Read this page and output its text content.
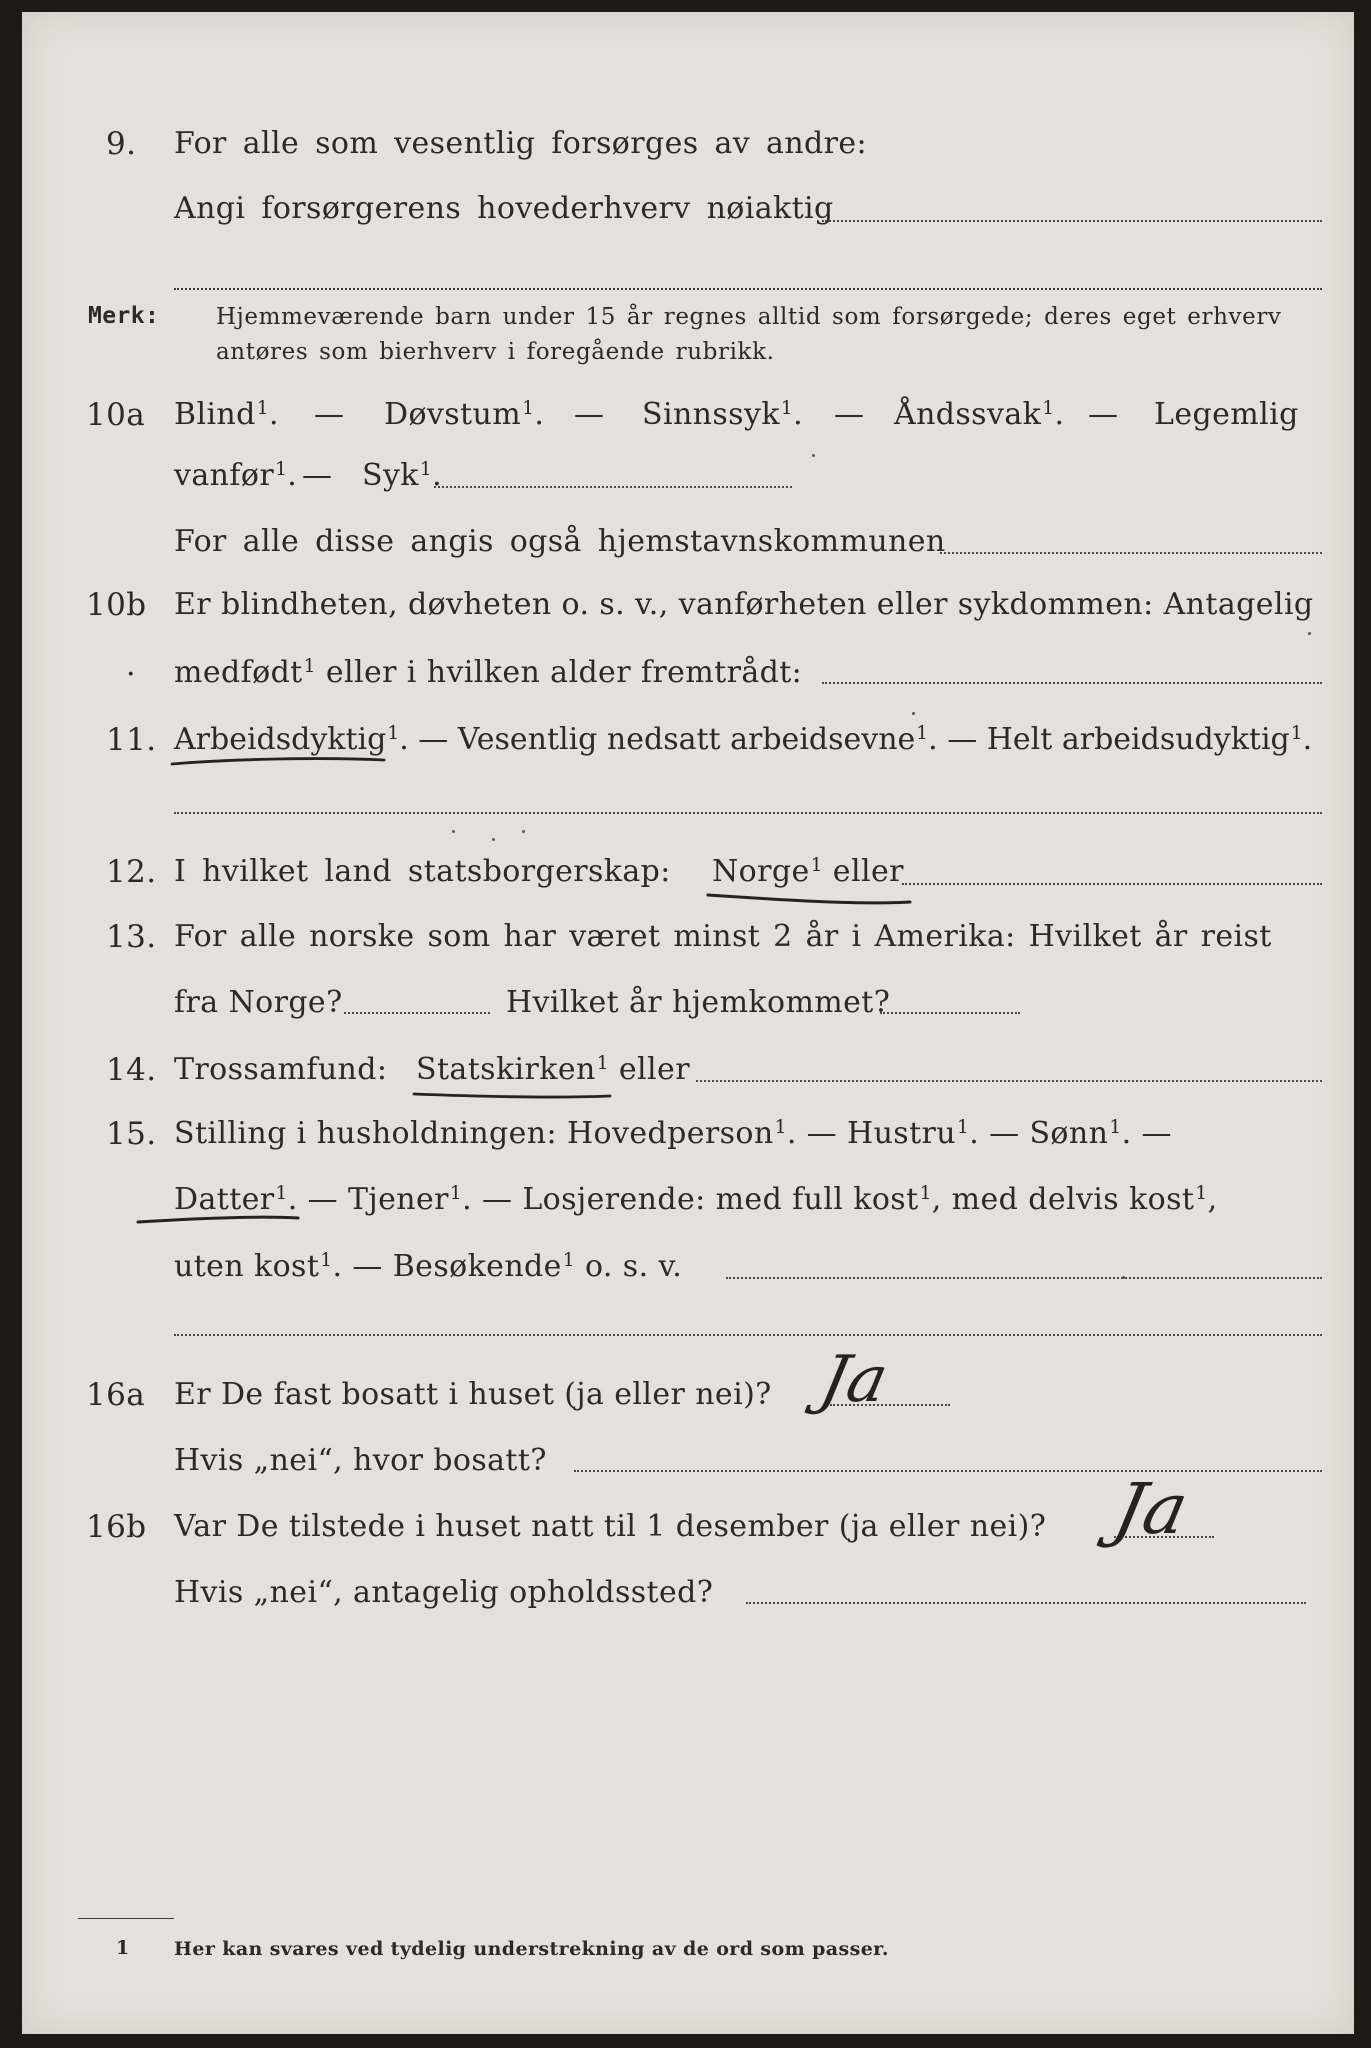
9. For alle som vesentlig forsørges av andre:
Angi forsørgerens hovederhverv nøiaktig
Merk: Hjemmeværende barn under 15 år regnes alltid som forsørgede; deres eget erhverv
antøres som bierhverv i foregående rubrikk.
10a Blind$^1$. — Døvstum$^1$. — Sinnssyk$^1$. — Åndssvak$^1$. — Legemlig
vanfør$^1$. — Syk$^1$.
For alle disse angis også hjemstavnskommunen
10b Er blindheten, døvheten o. s. v., vanførheten eller sykdommen: Antagelig
· medfødt$^1$ eller i hvilken alder fremtrådt:
11. Arbeidsdyktig$^1$. — Vesentlig nedsatt arbeidsevne$^1$. — Helt arbeidsudyktig$^1$.
12. I hvilket land statsborgerskap: Norge$^1$ eller
13. For alle norske som har været minst 2 år i Amerika: Hvilket år reist
fra Norge?	Hvilket år hjemkommet?
14. Trossamfund: Statskirken$^1$ eller
15. Stilling i husholdningen: Hovedperson$^1$. — Hustru$^1$. — Sønn$^1$. —
Datter$^1$. — Tjener$^1$. — Losjerende: med full kost$^1$, med delvis kost$^1$,
uten kost$^1$. — Besøkende$^1$ o. s. v.
16a Er De fast bosatt i huset (ja eller nei)?
Hvis „nei“, hvor bosatt?
16b Var De tilstede i huset natt til 1 desember (ja eller nei)?
Hvis „nei“, antagelig opholdssted?
1 Her kan svares ved tydelig understrekning av de ord som passer.
Ja
Ja
